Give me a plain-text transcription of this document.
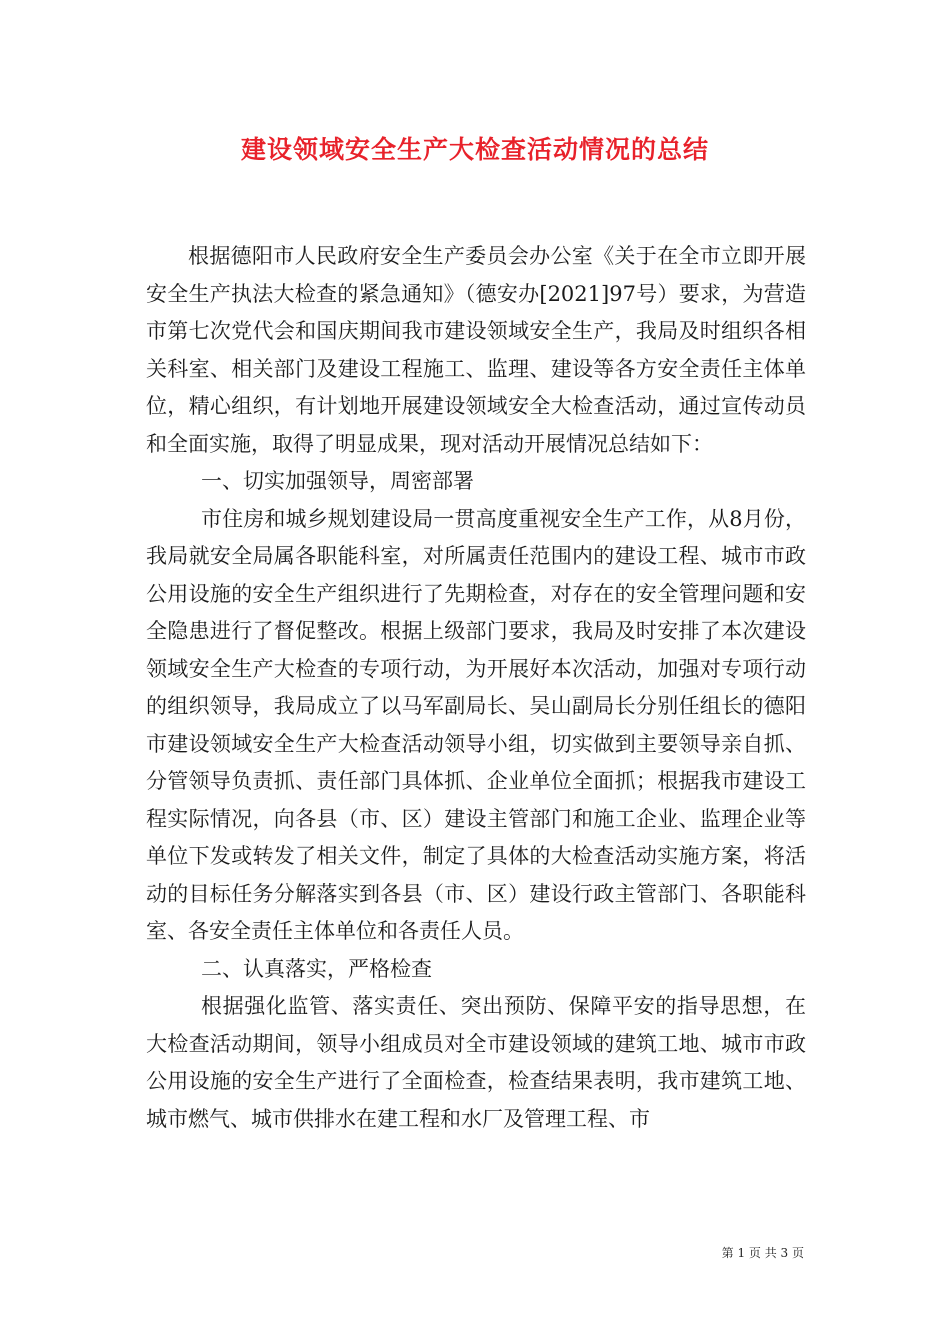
建设领域安全生产大检查活动情况的总结

根据德阳市人民政府安全生产委员会办公室《关于在全市立即开展安全生产执法大检查的紧急通知》（德安办[2021]97号）要求，为营造市第七次党代会和国庆期间我市建设领域安全生产，我局及时组织各相关科室、相关部门及建设工程施工、监理、建设等各方安全责任主体单位，精心组织，有计划地开展建设领域安全大检查活动，通过宣传动员和全面实施，取得了明显成果，现对活动开展情况总结如下：

一、切实加强领导，周密部署

市住房和城乡规划建设局一贯高度重视安全生产工作，从8月份，我局就安全局属各职能科室，对所属责任范围内的建设工程、城市市政公用设施的安全生产组织进行了先期检查，对存在的安全管理问题和安全隐患进行了督促整改。根据上级部门要求，我局及时安排了本次建设领域安全生产大检查的专项行动，为开展好本次活动，加强对专项行动的组织领导，我局成立了以马军副局长、吴山副局长分别任组长的德阳市建设领域安全生产大检查活动领导小组，切实做到主要领导亲自抓、分管领导负责抓、责任部门具体抓、企业单位全面抓；根据我市建设工程实际情况，向各县（市、区）建设主管部门和施工企业、监理企业等单位下发或转发了相关文件，制定了具体的大检查活动实施方案，将活动的目标任务分解落实到各县（市、区）建设行政主管部门、各职能科室、各安全责任主体单位和各责任人员。

二、认真落实，严格检查

根据强化监管、落实责任、突出预防、保障平安的指导思想，在大检查活动期间，领导小组成员对全市建设领域的建筑工地、城市市政公用设施的安全生产进行了全面检查，检查结果表明，我市建筑工地、城市燃气、城市供排水在建工程和水厂及管理工程、市

第 1 页 共 3 页
